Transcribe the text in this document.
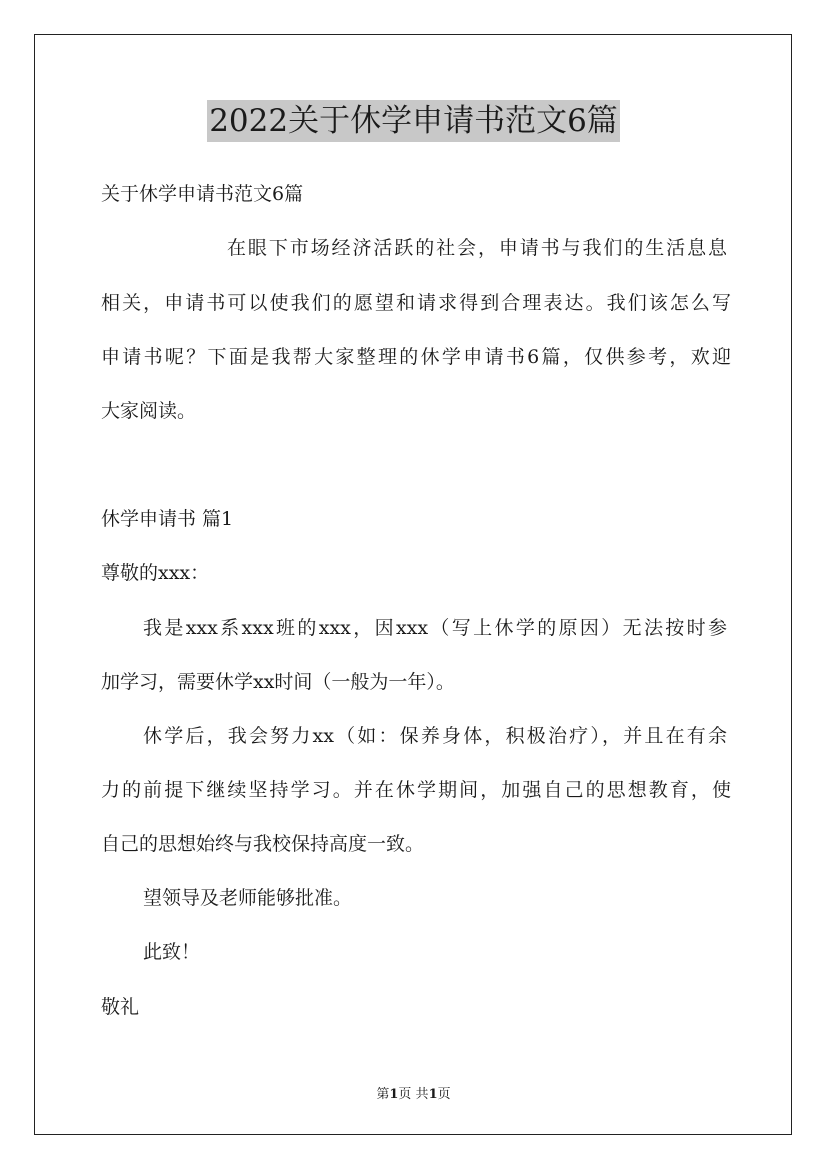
2022关于休学申请书范文6篇
关于休学申请书范文6篇
在眼下市场经济活跃的社会，申请书与我们的生活息息
相关，申请书可以使我们的愿望和请求得到合理表达。我们该怎么写
申请书呢？下面是我帮大家整理的休学申请书6篇，仅供参考，欢迎
大家阅读。
休学申请书 篇1
尊敬的xxx：
我是xxx系xxx班的xxx，因xxx（写上休学的原因）无法按时参
加学习，需要休学xx时间（一般为一年）。
休学后，我会努力xx（如：保养身体，积极治疗），并且在有余
力的前提下继续坚持学习。并在休学期间，加强自己的思想教育，使
自己的思想始终与我校保持高度一致。
望领导及老师能够批准。
此致！
敬礼
第1页 共1页
